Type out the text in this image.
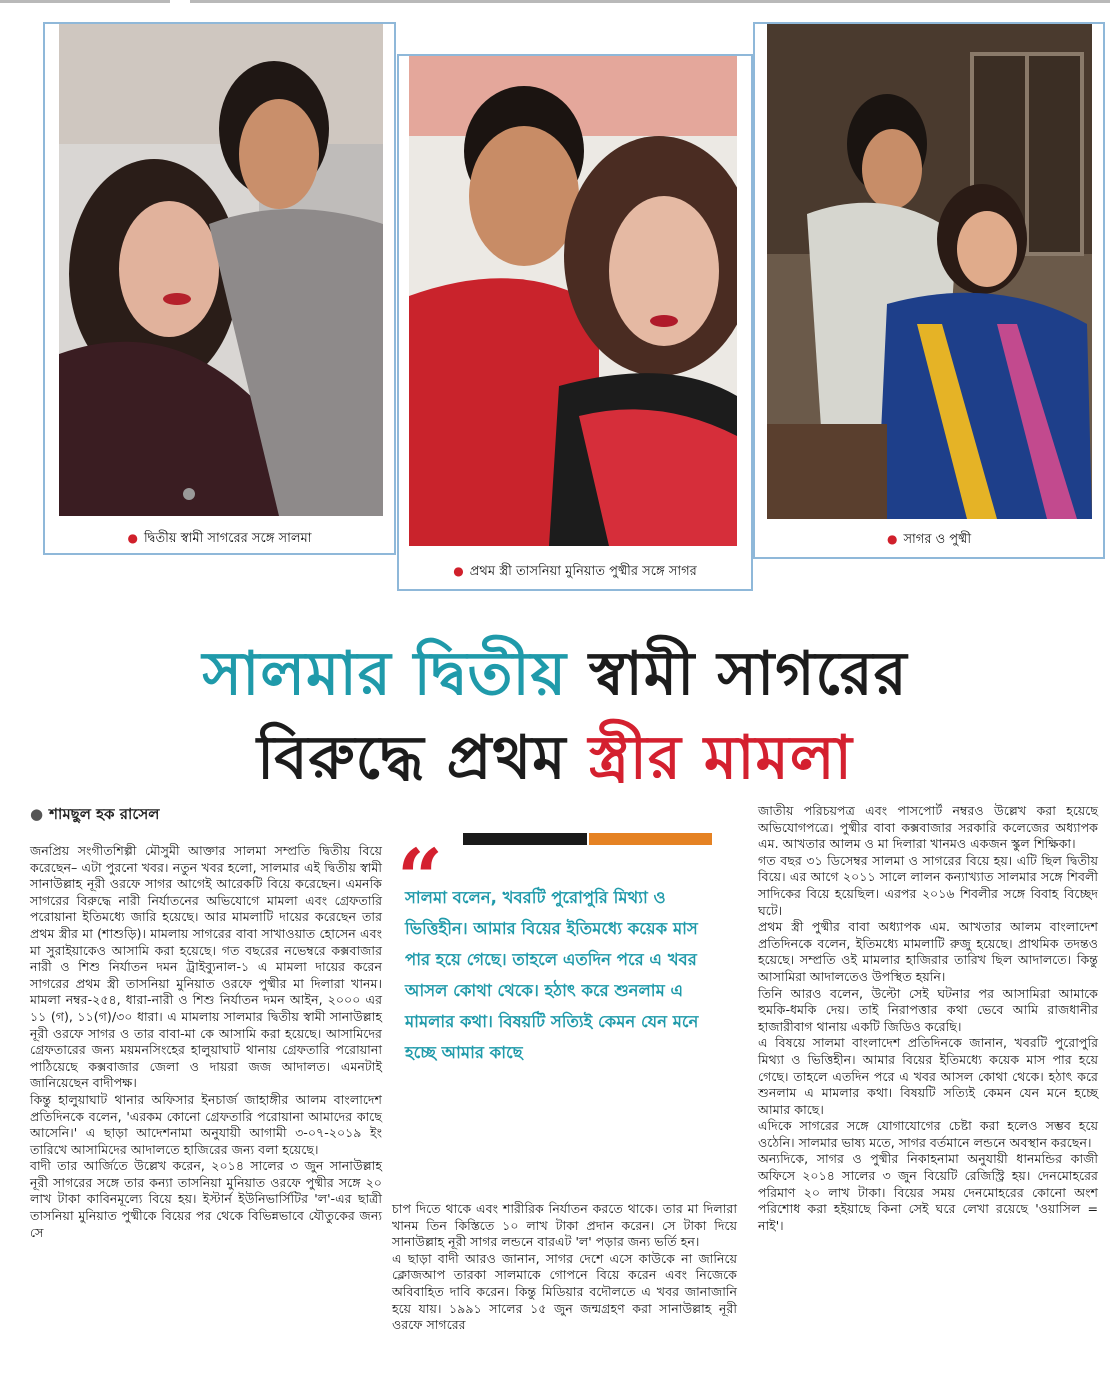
● দ্বিতীয় স্বামী সাগরের সঙ্গে সালমা
● প্রথম স্ত্রী তাসনিয়া মুনিয়াত পুষ্মীর সঙ্গে সাগর
● সাগর ও পুষ্মী
সালমার দ্বিতীয় স্বামী সাগরের
বিরুদ্ধে প্রথম স্ত্রীর মামলা
● শামছুল হক রাসেল

জনপ্রিয় সংগীতশিল্পী মৌসুমী আক্তার সালমা সম্প্রতি দ্বিতীয় বিয়ে করেছেন– এটা পুরনো খবর। নতুন খবর হলো, সালমার এই দ্বিতীয় স্বামী সানাউল্লাহ নূরী ওরফে সাগর আগেই আরেকটি বিয়ে করেছেন। এমনকি সাগরের বিরুদ্ধে নারী নির্যাতনের অভিযোগে মামলা এবং গ্রেফতারি পরোয়ানা ইতিমধ্যে জারি হয়েছে। আর মামলাটি দায়ের করেছেন তার প্রথম স্ত্রীর মা (শাশুড়ি)। মামলায় সাগরের বাবা সাখাওয়াত হোসেন এবং মা সুরাইয়াকেও আসামি করা হয়েছে। গত বছরের নভেম্বরে কক্সবাজার নারী ও শিশু নির্যাতন দমন ট্রাইব্যুনাল-১ এ মামলা দায়ের করেন সাগরের প্রথম স্ত্রী তাসনিয়া মুনিয়াত ওরফে পুষ্মীর মা দিলারা খানম। মামলা নম্বর-২৫৪, ধারা-নারী ও শিশু নির্যাতন দমন আইন, ২০০০ এর ১১ (গ), ১১(গ)/৩০ ধারা। এ মামলায় সালমার দ্বিতীয় স্বামী সানাউল্লাহ নূরী ওরফে সাগর ও তার বাবা-মা কে আসামি করা হয়েছে। আসামিদের গ্রেফতারের জন্য ময়মনসিংহের হালুয়াঘাট থানায় গ্রেফতারি পরোয়ানা পাঠিয়েছে কক্সবাজার জেলা ও দায়রা জজ আদালত। এমনটাই জানিয়েছেন বাদীপক্ষ।

কিন্তু হালুয়াঘাট থানার অফিসার ইনচার্জ জাহাঙ্গীর আলম বাংলাদেশ প্রতিদিনকে বলেন, 'এরকম কোনো গ্রেফতারি পরোয়ানা আমাদের কাছে আসেনি।' এ ছাড়া আদেশনামা অনুযায়ী আগামী ৩-০৭-২০১৯ ইং তারিখে আসামিদের আদালতে হাজিরের জন্য বলা হয়েছে।

বাদী তার আর্জিতে উল্লেখ করেন, ২০১৪ সালের ৩ জুন সানাউল্লাহ নূরী সাগরের সঙ্গে তার কন্যা তাসনিয়া মুনিয়াত ওরফে পুষ্মীর সঙ্গে ২০ লাখ টাকা কাবিনমূল্যে বিয়ে হয়। ইস্টার্ন ইউনিভার্সিটির 'ল'-এর ছাত্রী তাসনিয়া মুনিয়াত পুষ্মীকে বিয়ের পর থেকে বিভিন্নভাবে যৌতুকের জন্য সে

“
সালমা বলেন, খবরটি পুরোপুরি মিথ্যা ও ভিত্তিহীন। আমার বিয়ের ইতিমধ্যে কয়েক মাস পার হয়ে গেছে। তাহলে এতদিন পরে এ খবর আসল কোথা থেকে। হঠাৎ করে শুনলাম এ মামলার কথা। বিষয়টি সত্যিই কেমন যেন মনে হচ্ছে আমার কাছে

চাপ দিতে থাকে এবং শারীরিক নির্যাতন করতে থাকে। তার মা দিলারা খানম তিন কিস্তিতে ১০ লাখ টাকা প্রদান করেন। সে টাকা দিয়ে সানাউল্লাহ নূরী সাগর লন্ডনে বারএট 'ল' পড়ার জন্য ভর্তি হন।

এ ছাড়া বাদী আরও জানান, সাগর দেশে এসে কাউকে না জানিয়ে ক্লোজআপ তারকা সালমাকে গোপনে বিয়ে করেন এবং নিজেকে অবিবাহিত দাবি করেন। কিন্তু মিডিয়ার বদৌলতে এ খবর জানাজানি হয়ে যায়। ১৯৯১ সালের ১৫ জুন জন্মগ্রহণ করা সানাউল্লাহ নূরী ওরফে সাগরের

জাতীয় পরিচয়পত্র এবং পাসপোর্ট নম্বরও উল্লেখ করা হয়েছে অভিযোগপত্রে। পুষ্মীর বাবা কক্সবাজার সরকারি কলেজের অধ্যাপক এম. আখতার আলম ও মা দিলারা খানমও একজন স্কুল শিক্ষিকা।

গত বছর ৩১ ডিসেম্বর সালমা ও সাগরের বিয়ে হয়। এটি ছিল দ্বিতীয় বিয়ে। এর আগে ২০১১ সালে লালন কন্যাখ্যাত সালমার সঙ্গে শিবলী সাদিকের বিয়ে হয়েছিল। এরপর ২০১৬ শিবলীর সঙ্গে বিবাহ বিচ্ছেদ ঘটে।

প্রথম স্ত্রী পুষ্মীর বাবা অধ্যাপক এম. আখতার আলম বাংলাদেশ প্রতিদিনকে বলেন, ইতিমধ্যে মামলাটি রুজু হয়েছে। প্রাথমিক তদন্তও হয়েছে। সম্প্রতি ওই মামলার হাজিরার তারিখ ছিল আদালতে। কিন্তু আসামিরা আদালতেও উপস্থিত হয়নি।

তিনি আরও বলেন, উল্টো সেই ঘটনার পর আসামিরা আমাকে হুমকি-ধমকি দেয়। তাই নিরাপত্তার কথা ভেবে আমি রাজধানীর হাজারীবাগ থানায় একটি জিডিও করেছি।

এ বিষয়ে সালমা বাংলাদেশ প্রতিদিনকে জানান, খবরটি পুরোপুরি মিথ্যা ও ভিত্তিহীন। আমার বিয়ের ইতিমধ্যে কয়েক মাস পার হয়ে গেছে। তাহলে এতদিন পরে এ খবর আসল কোথা থেকে। হঠাৎ করে শুনলাম এ মামলার কথা। বিষয়টি সত্যিই কেমন যেন মনে হচ্ছে আমার কাছে।

এদিকে সাগরের সঙ্গে যোগাযোগের চেষ্টা করা হলেও সম্ভব হয়ে ওঠেনি। সালমার ভাষ্য মতে, সাগর বর্তমানে লন্ডনে অবস্থান করছেন।

অন্যদিকে, সাগর ও পুষ্মীর নিকাহনামা অনুযায়ী ধানমন্ডির কাজী অফিসে ২০১৪ সালের ৩ জুন বিয়েটি রেজিস্ট্রি হয়। দেনমোহরের পরিমাণ ২০ লাখ টাকা। বিয়ের সময় দেনমোহরের কোনো অংশ পরিশোধ করা হইয়াছে কিনা সেই ঘরে লেখা রয়েছে 'ওয়াসিল = নাই'।
